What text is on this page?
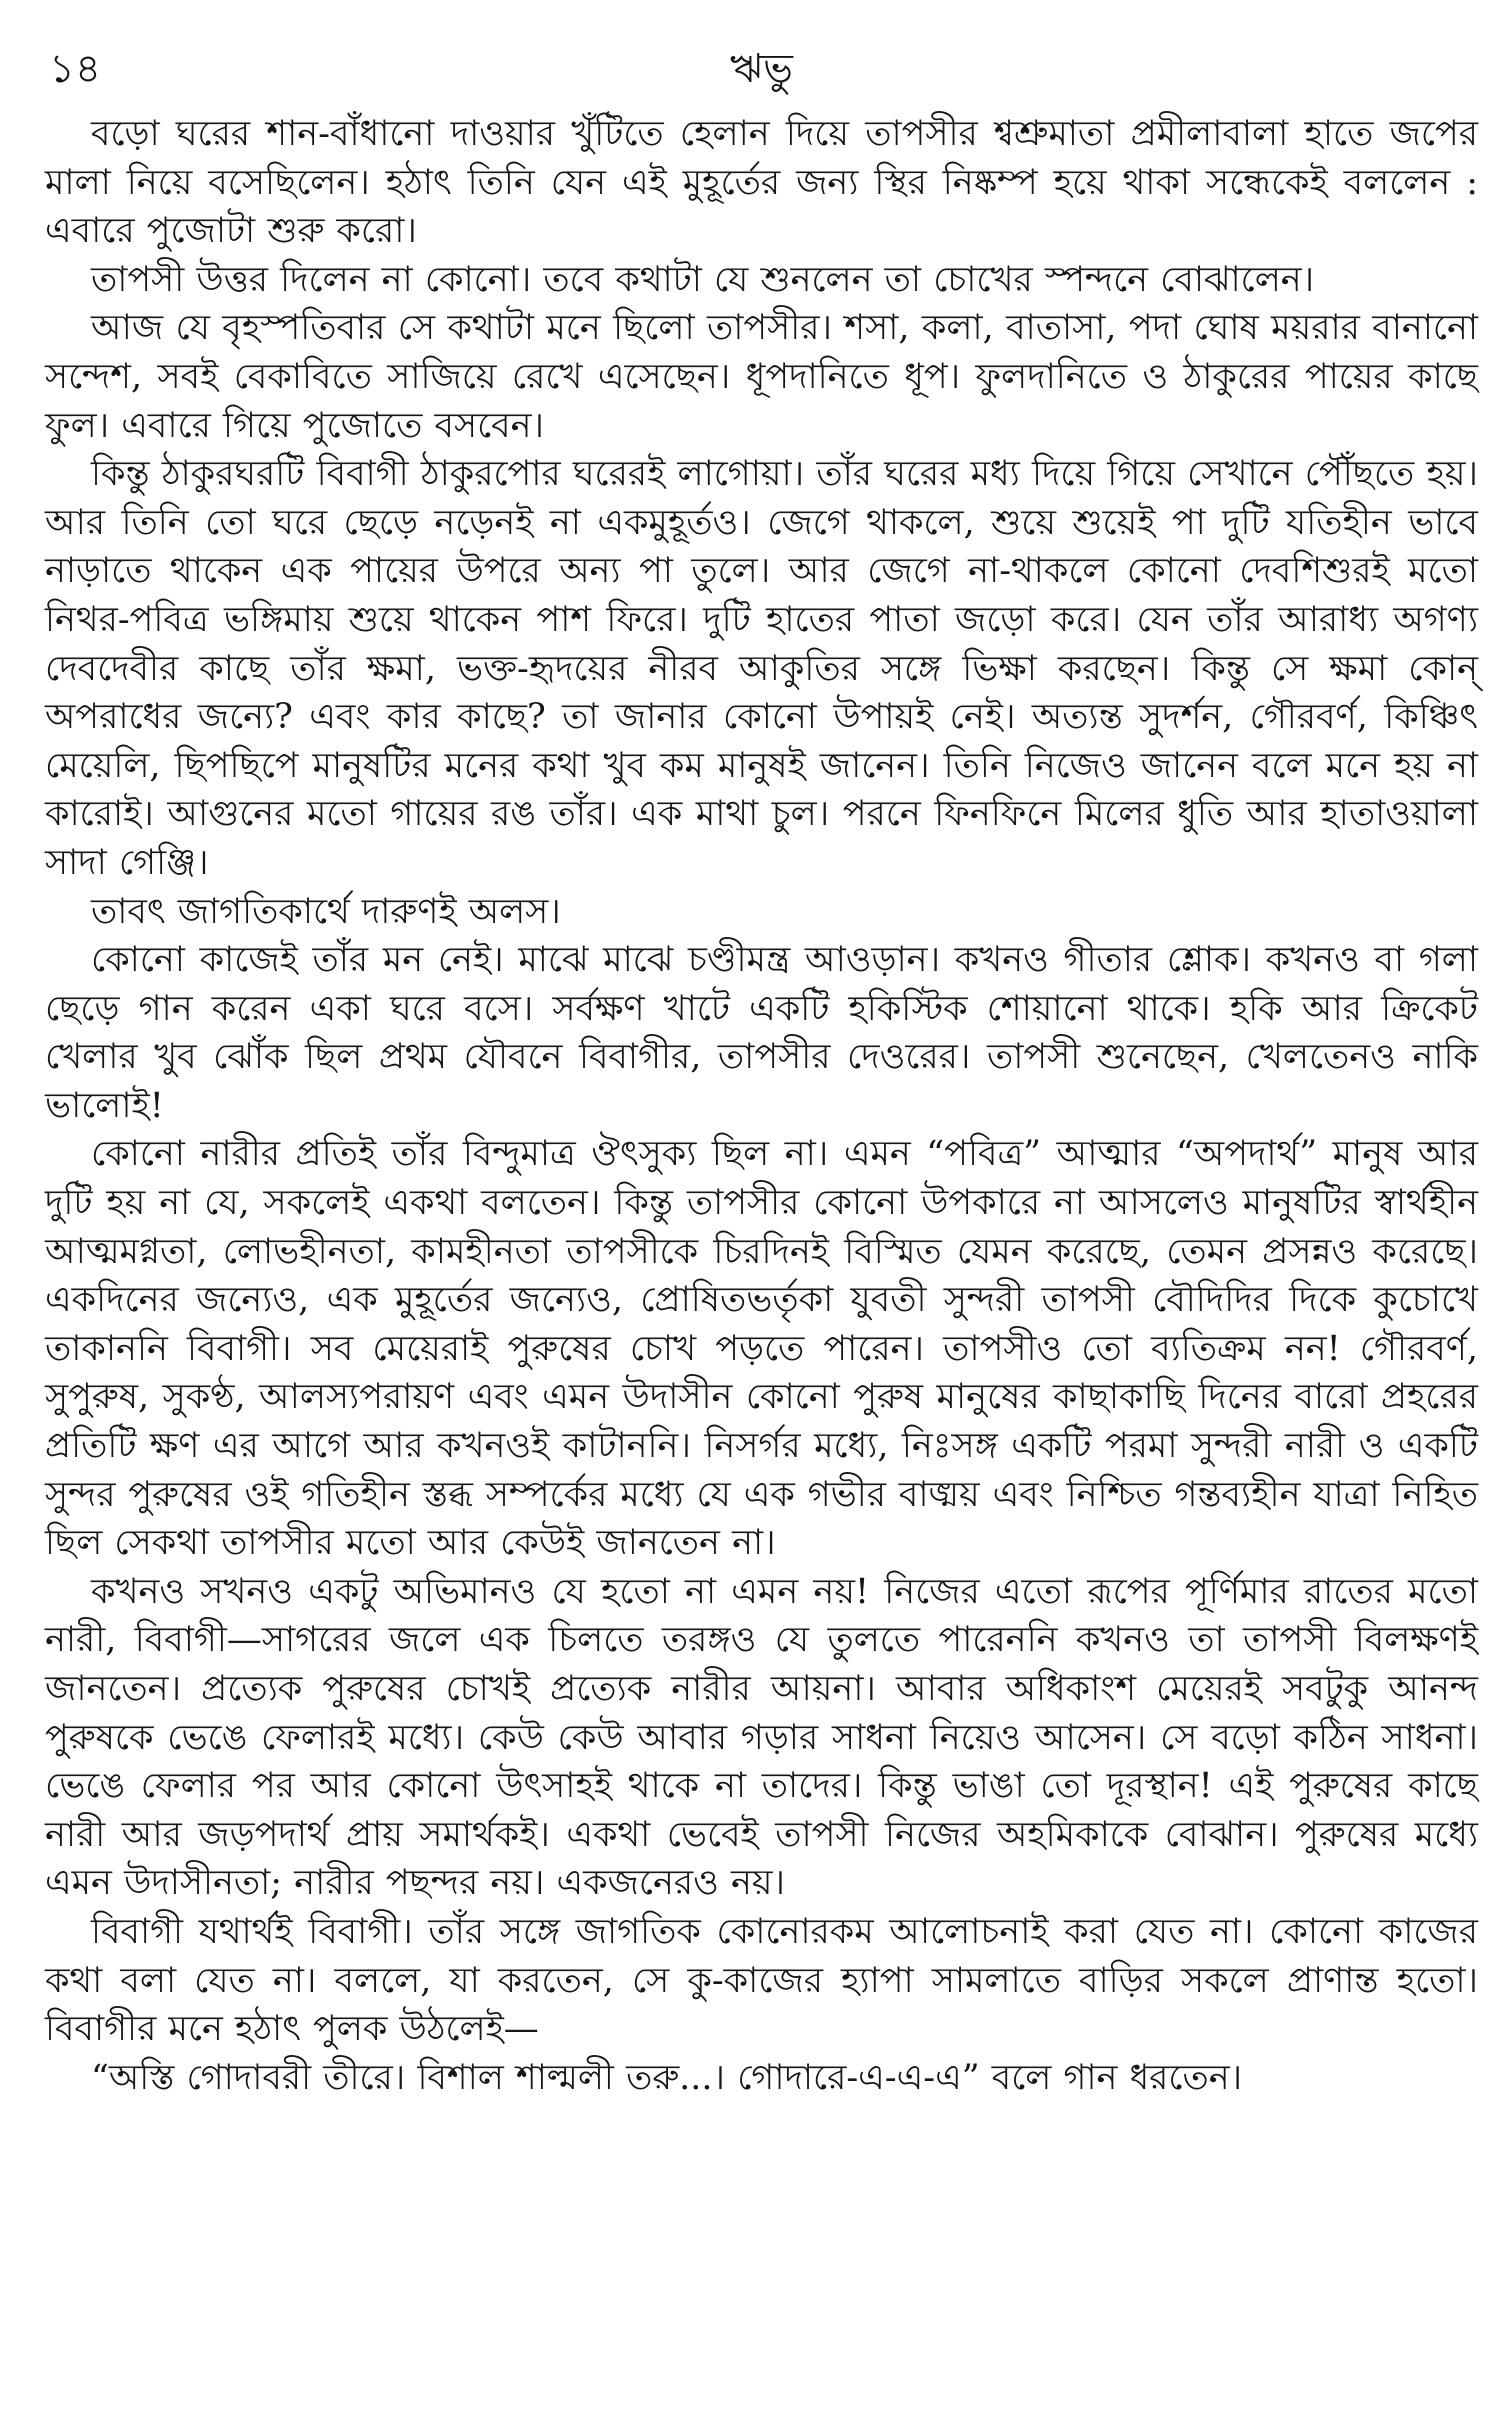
১৪	ঋভু

বড়ো ঘরের শান-বাঁধানো দাওয়ার খুঁটিতে হেলান দিয়ে তাপসীর শ্বশ্রুমাতা প্রমীলাবালা হাতে জপের মালা নিয়ে বসেছিলেন। হঠাৎ তিনি যেন এই মুহূর্তের জন্য স্থির নিষ্কম্প হয়ে থাকা সন্ধেকেই বললেন : এবারে পুজোটা শুরু করো।

তাপসী উত্তর দিলেন না কোনো। তবে কথাটা যে শুনলেন তা চোখের স্পন্দনে বোঝালেন।

আজ যে বৃহস্পতিবার সে কথাটা মনে ছিলো তাপসীর। শসা, কলা, বাতাসা, পদা ঘোষ ময়রার বানানো সন্দেশ, সবই বেকাবিতে সাজিয়ে রেখে এসেছেন। ধূপদানিতে ধূপ। ফুলদানিতে ও ঠাকুরের পায়ের কাছে ফুল। এবারে গিয়ে পুজোতে বসবেন।

কিন্তু ঠাকুরঘরটি বিবাগী ঠাকুরপোর ঘরেরই লাগোয়া। তাঁর ঘরের মধ্য দিয়ে গিয়ে সেখানে পৌঁছতে হয়। আর তিনি তো ঘরে ছেড়ে নড়েনই না একমুহূর্তও। জেগে থাকলে, শুয়ে শুয়েই পা দুটি যতিহীন ভাবে নাড়াতে থাকেন এক পায়ের উপরে অন্য পা তুলে। আর জেগে না-থাকলে কোনো দেবশিশুরই মতো নিথর-পবিত্র ভঙ্গিমায় শুয়ে থাকেন পাশ ফিরে। দুটি হাতের পাতা জড়ো করে। যেন তাঁর আরাধ্য অগণ্য দেবদেবীর কাছে তাঁর ক্ষমা, ভক্ত-হৃদয়ের নীরব আকুতির সঙ্গে ভিক্ষা করছেন। কিন্তু সে ক্ষমা কোন্ অপরাধের জন্যে? এবং কার কাছে? তা জানার কোনো উপায়ই নেই। অত্যন্ত সুদর্শন, গৌরবর্ণ, কিঞ্চিৎ মেয়েলি, ছিপছিপে মানুষটির মনের কথা খুব কম মানুষই জানেন। তিনি নিজেও জানেন বলে মনে হয় না কারোই। আগুনের মতো গায়ের রঙ তাঁর। এক মাথা চুল। পরনে ফিনফিনে মিলের ধুতি আর হাতাওয়ালা সাদা গেঞ্জি।

তাবৎ জাগতিকার্থে দারুণই অলস।

কোনো কাজেই তাঁর মন নেই। মাঝে মাঝে চণ্ডীমন্ত্র আওড়ান। কখনও গীতার শ্লোক। কখনও বা গলা ছেড়ে গান করেন একা ঘরে বসে। সর্বক্ষণ খাটে একটি হকিস্টিক শোয়ানো থাকে। হকি আর ক্রিকেট খেলার খুব ঝোঁক ছিল প্রথম যৌবনে বিবাগীর, তাপসীর দেওরের। তাপসী শুনেছেন, খেলতেনও নাকি ভালোই!

কোনো নারীর প্রতিই তাঁর বিন্দুমাত্র ঔৎসুক্য ছিল না। এমন “পবিত্র” আত্মার “অপদার্থ” মানুষ আর দুটি হয় না যে, সকলেই একথা বলতেন। কিন্তু তাপসীর কোনো উপকারে না আসলেও মানুষটির স্বার্থহীন আত্মমগ্নতা, লোভহীনতা, কামহীনতা তাপসীকে চিরদিনই বিস্মিত যেমন করেছে, তেমন প্রসন্নও করেছে। একদিনের জন্যেও, এক মুহূর্তের জন্যেও, প্রোষিতভর্তৃকা যুবতী সুন্দরী তাপসী বৌদিদির দিকে কুচোখে তাকাননি বিবাগী। সব মেয়েরাই পুরুষের চোখ পড়তে পারেন। তাপসীও তো ব্যতিক্রম নন! গৌরবর্ণ, সুপুরুষ, সুকণ্ঠ, আলস্যপরায়ণ এবং এমন উদাসীন কোনো পুরুষ মানুষের কাছাকাছি দিনের বারো প্রহরের প্রতিটি ক্ষণ এর আগে আর কখনওই কাটাননি। নিসর্গর মধ্যে, নিঃসঙ্গ একটি পরমা সুন্দরী নারী ও একটি সুন্দর পুরুষের ওই গতিহীন স্তব্ধ সম্পর্কের মধ্যে যে এক গভীর বাঙ্ময় এবং নিশ্চিত গন্তব্যহীন যাত্রা নিহিত ছিল সেকথা তাপসীর মতো আর কেউই জানতেন না।

কখনও সখনও একটু অভিমানও যে হতো না এমন নয়! নিজের এতো রূপের পূর্ণিমার রাতের মতো নারী, বিবাগী—সাগরের জলে এক চিলতে তরঙ্গও যে তুলতে পারেননি কখনও তা তাপসী বিলক্ষণই জানতেন। প্রত্যেক পুরুষের চোখই প্রত্যেক নারীর আয়না। আবার অধিকাংশ মেয়েরই সবটুকু আনন্দ পুরুষকে ভেঙে ফেলারই মধ্যে। কেউ কেউ আবার গড়ার সাধনা নিয়েও আসেন। সে বড়ো কঠিন সাধনা। ভেঙে ফেলার পর আর কোনো উৎসাহই থাকে না তাদের। কিন্তু ভাঙা তো দূরস্থান! এই পুরুষের কাছে নারী আর জড়পদার্থ প্রায় সমার্থকই। একথা ভেবেই তাপসী নিজের অহমিকাকে বোঝান। পুরুষের মধ্যে এমন উদাসীনতা; নারীর পছন্দর নয়। একজনেরও নয়।

বিবাগী যথার্থই বিবাগী। তাঁর সঙ্গে জাগতিক কোনোরকম আলোচনাই করা যেত না। কোনো কাজের কথা বলা যেত না। বললে, যা করতেন, সে কু-কাজের হ্যাপা সামলাতে বাড়ির সকলে প্রাণান্ত হতো। বিবাগীর মনে হঠাৎ পুলক উঠলেই—

“অস্তি গোদাবরী তীরে। বিশাল শাল্মলী তরু...। গোদারে-এ-এ-এ” বলে গান ধরতেন।
